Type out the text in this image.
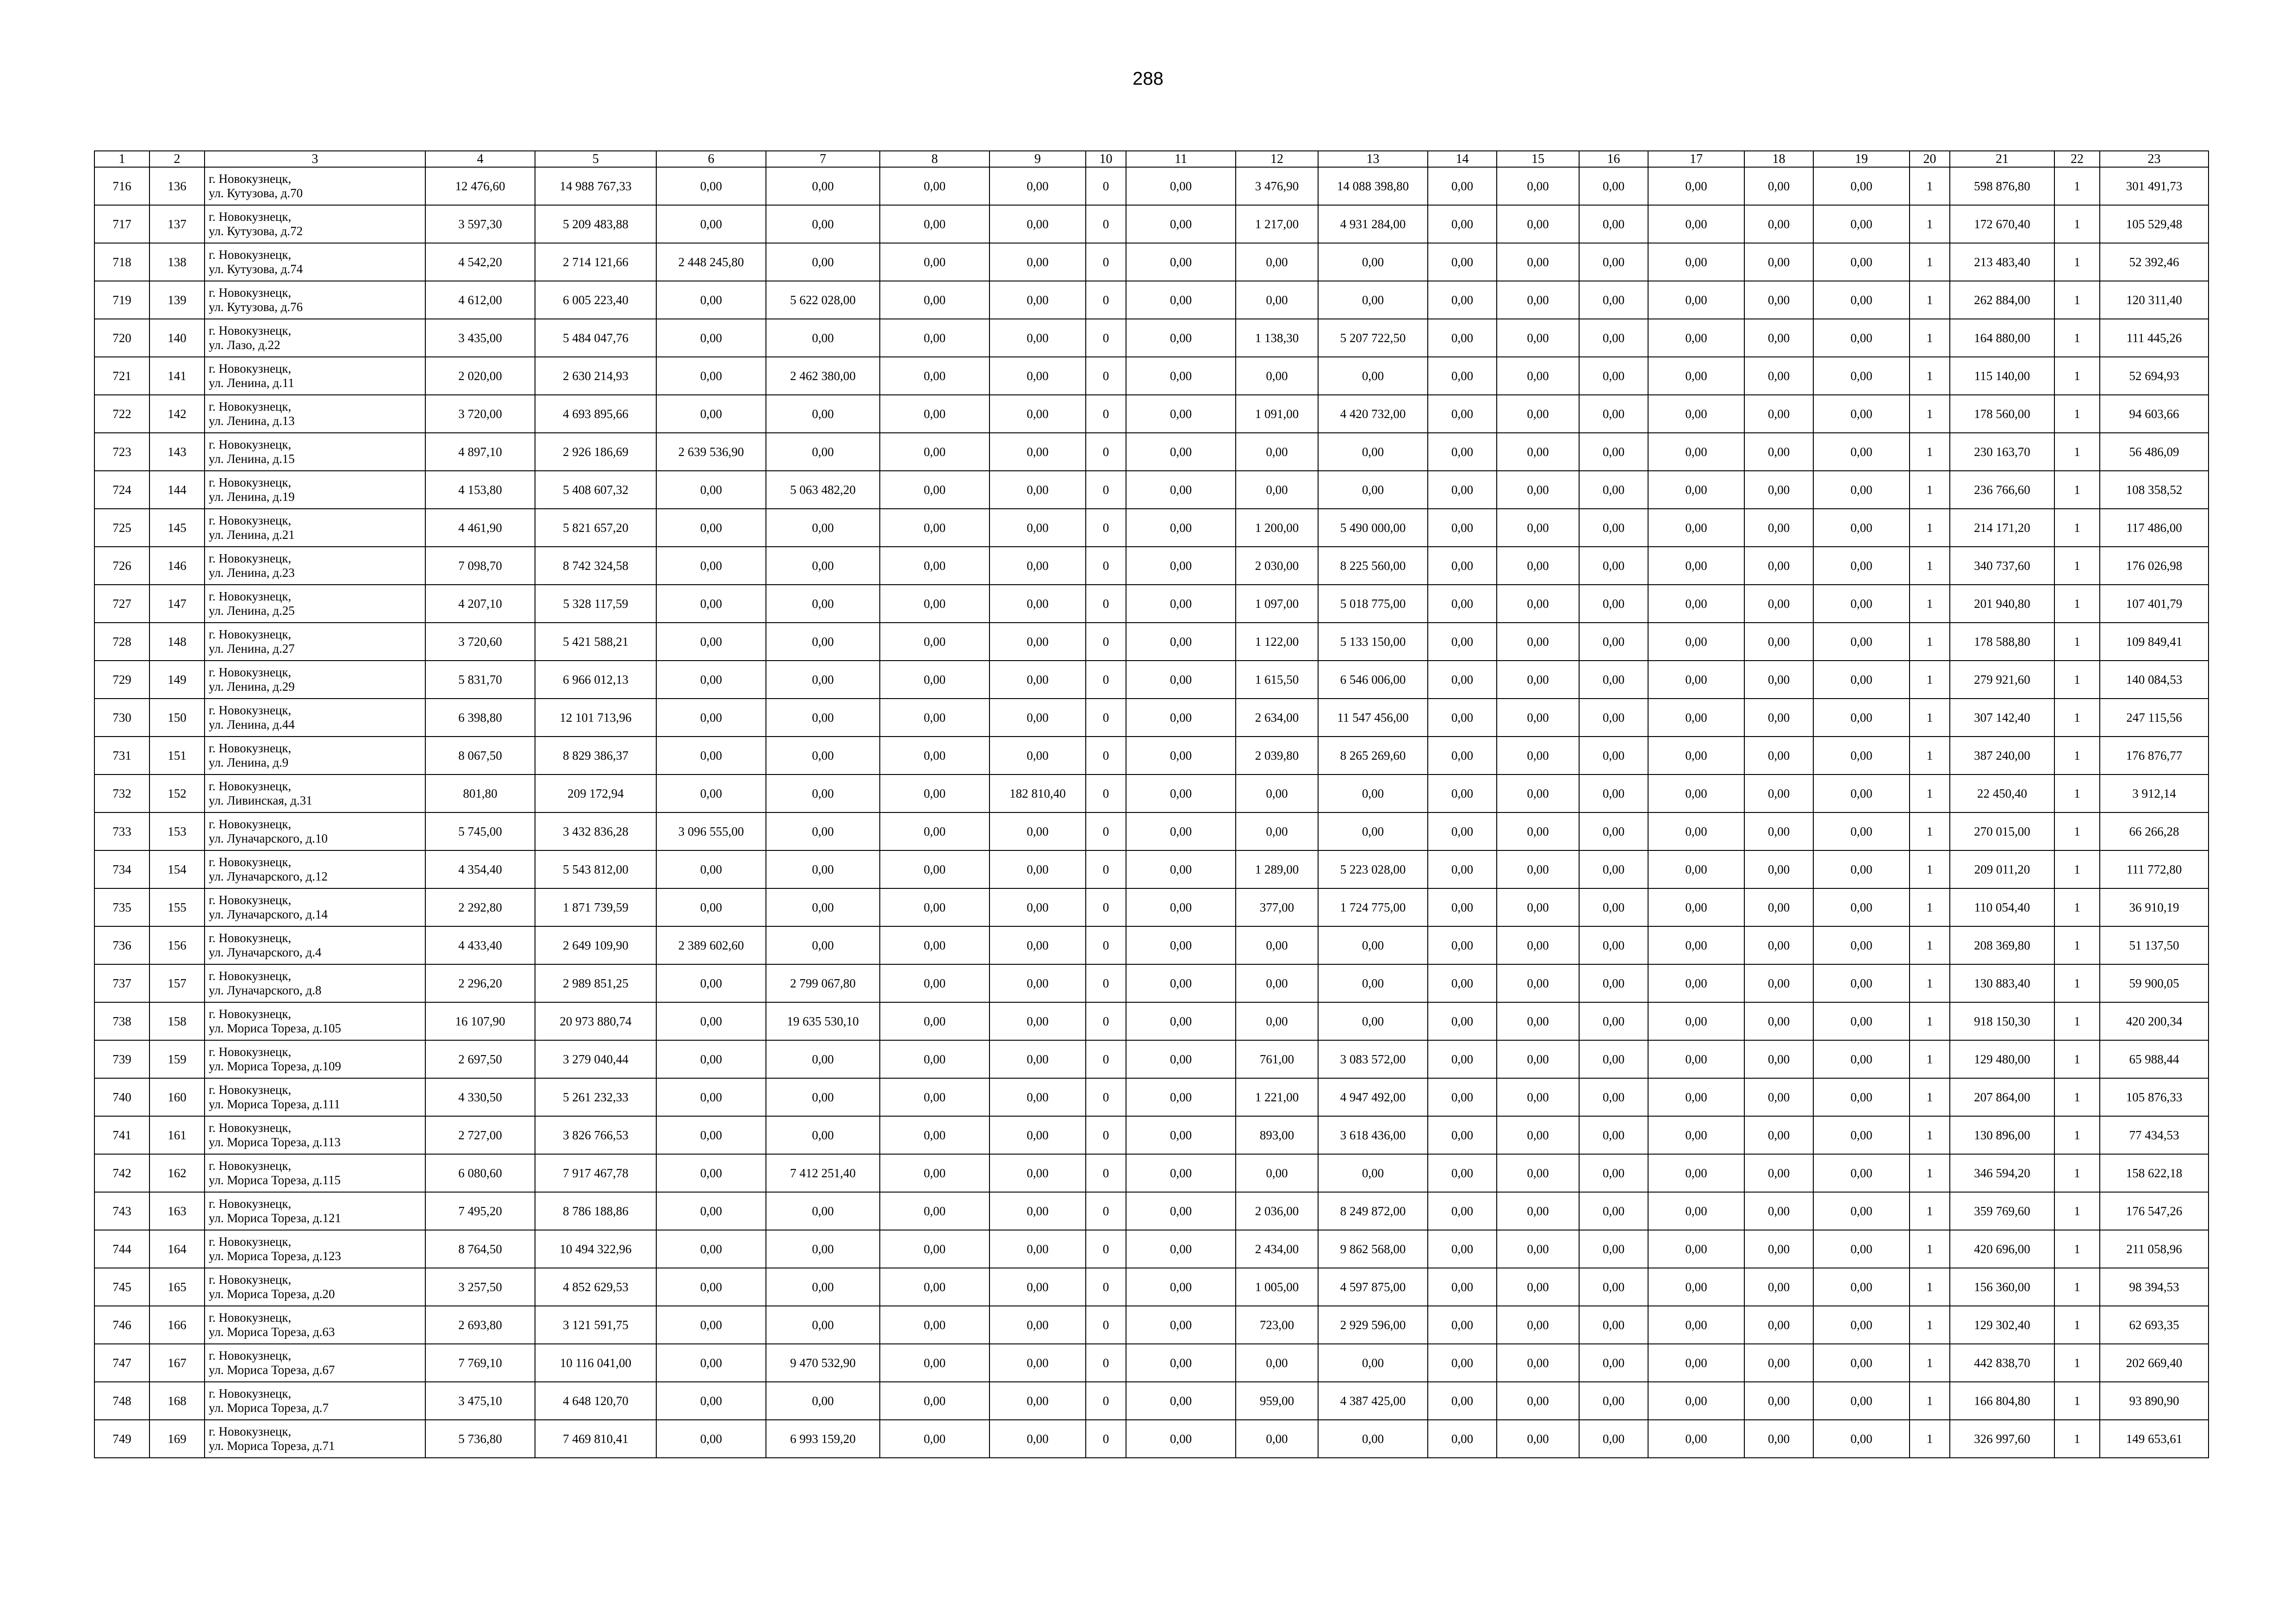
288
1	2	3	4	5	6	7	8	9	10	11	12	13	14	15	16	17	18	19	20	21	22	23
716	136	г. Новокузнецк,
ул. Кутузова, д.70	12 476,60	14 988 767,33	0,00	0,00	0,00	0,00	0	0,00	3 476,90	14 088 398,80	0,00	0,00	0,00	0,00	0,00	0,00	1	598 876,80	1	301 491,73
717	137	г. Новокузнецк,
ул. Кутузова, д.72	3 597,30	5 209 483,88	0,00	0,00	0,00	0,00	0	0,00	1 217,00	4 931 284,00	0,00	0,00	0,00	0,00	0,00	0,00	1	172 670,40	1	105 529,48
718	138	г. Новокузнецк,
ул. Кутузова, д.74	4 542,20	2 714 121,66	2 448 245,80	0,00	0,00	0,00	0	0,00	0,00	0,00	0,00	0,00	0,00	0,00	0,00	0,00	1	213 483,40	1	52 392,46
719	139	г. Новокузнецк,
ул. Кутузова, д.76	4 612,00	6 005 223,40	0,00	5 622 028,00	0,00	0,00	0	0,00	0,00	0,00	0,00	0,00	0,00	0,00	0,00	0,00	1	262 884,00	1	120 311,40
720	140	г. Новокузнецк,
ул. Лазо, д.22	3 435,00	5 484 047,76	0,00	0,00	0,00	0,00	0	0,00	1 138,30	5 207 722,50	0,00	0,00	0,00	0,00	0,00	0,00	1	164 880,00	1	111 445,26
721	141	г. Новокузнецк,
ул. Ленина, д.11	2 020,00	2 630 214,93	0,00	2 462 380,00	0,00	0,00	0	0,00	0,00	0,00	0,00	0,00	0,00	0,00	0,00	0,00	1	115 140,00	1	52 694,93
722	142	г. Новокузнецк,
ул. Ленина, д.13	3 720,00	4 693 895,66	0,00	0,00	0,00	0,00	0	0,00	1 091,00	4 420 732,00	0,00	0,00	0,00	0,00	0,00	0,00	1	178 560,00	1	94 603,66
723	143	г. Новокузнецк,
ул. Ленина, д.15	4 897,10	2 926 186,69	2 639 536,90	0,00	0,00	0,00	0	0,00	0,00	0,00	0,00	0,00	0,00	0,00	0,00	0,00	1	230 163,70	1	56 486,09
724	144	г. Новокузнецк,
ул. Ленина, д.19	4 153,80	5 408 607,32	0,00	5 063 482,20	0,00	0,00	0	0,00	0,00	0,00	0,00	0,00	0,00	0,00	0,00	0,00	1	236 766,60	1	108 358,52
725	145	г. Новокузнецк,
ул. Ленина, д.21	4 461,90	5 821 657,20	0,00	0,00	0,00	0,00	0	0,00	1 200,00	5 490 000,00	0,00	0,00	0,00	0,00	0,00	0,00	1	214 171,20	1	117 486,00
726	146	г. Новокузнецк,
ул. Ленина, д.23	7 098,70	8 742 324,58	0,00	0,00	0,00	0,00	0	0,00	2 030,00	8 225 560,00	0,00	0,00	0,00	0,00	0,00	0,00	1	340 737,60	1	176 026,98
727	147	г. Новокузнецк,
ул. Ленина, д.25	4 207,10	5 328 117,59	0,00	0,00	0,00	0,00	0	0,00	1 097,00	5 018 775,00	0,00	0,00	0,00	0,00	0,00	0,00	1	201 940,80	1	107 401,79
728	148	г. Новокузнецк,
ул. Ленина, д.27	3 720,60	5 421 588,21	0,00	0,00	0,00	0,00	0	0,00	1 122,00	5 133 150,00	0,00	0,00	0,00	0,00	0,00	0,00	1	178 588,80	1	109 849,41
729	149	г. Новокузнецк,
ул. Ленина, д.29	5 831,70	6 966 012,13	0,00	0,00	0,00	0,00	0	0,00	1 615,50	6 546 006,00	0,00	0,00	0,00	0,00	0,00	0,00	1	279 921,60	1	140 084,53
730	150	г. Новокузнецк,
ул. Ленина, д.44	6 398,80	12 101 713,96	0,00	0,00	0,00	0,00	0	0,00	2 634,00	11 547 456,00	0,00	0,00	0,00	0,00	0,00	0,00	1	307 142,40	1	247 115,56
731	151	г. Новокузнецк,
ул. Ленина, д.9	8 067,50	8 829 386,37	0,00	0,00	0,00	0,00	0	0,00	2 039,80	8 265 269,60	0,00	0,00	0,00	0,00	0,00	0,00	1	387 240,00	1	176 876,77
732	152	г. Новокузнецк,
ул. Ливинская, д.31	801,80	209 172,94	0,00	0,00	0,00	182 810,40	0	0,00	0,00	0,00	0,00	0,00	0,00	0,00	0,00	0,00	1	22 450,40	1	3 912,14
733	153	г. Новокузнецк,
ул. Луначарского, д.10	5 745,00	3 432 836,28	3 096 555,00	0,00	0,00	0,00	0	0,00	0,00	0,00	0,00	0,00	0,00	0,00	0,00	0,00	1	270 015,00	1	66 266,28
734	154	г. Новокузнецк,
ул. Луначарского, д.12	4 354,40	5 543 812,00	0,00	0,00	0,00	0,00	0	0,00	1 289,00	5 223 028,00	0,00	0,00	0,00	0,00	0,00	0,00	1	209 011,20	1	111 772,80
735	155	г. Новокузнецк,
ул. Луначарского, д.14	2 292,80	1 871 739,59	0,00	0,00	0,00	0,00	0	0,00	377,00	1 724 775,00	0,00	0,00	0,00	0,00	0,00	0,00	1	110 054,40	1	36 910,19
736	156	г. Новокузнецк,
ул. Луначарского, д.4	4 433,40	2 649 109,90	2 389 602,60	0,00	0,00	0,00	0	0,00	0,00	0,00	0,00	0,00	0,00	0,00	0,00	0,00	1	208 369,80	1	51 137,50
737	157	г. Новокузнецк,
ул. Луначарского, д.8	2 296,20	2 989 851,25	0,00	2 799 067,80	0,00	0,00	0	0,00	0,00	0,00	0,00	0,00	0,00	0,00	0,00	0,00	1	130 883,40	1	59 900,05
738	158	г. Новокузнецк,
ул. Мориса Тореза, д.105	16 107,90	20 973 880,74	0,00	19 635 530,10	0,00	0,00	0	0,00	0,00	0,00	0,00	0,00	0,00	0,00	0,00	0,00	1	918 150,30	1	420 200,34
739	159	г. Новокузнецк,
ул. Мориса Тореза, д.109	2 697,50	3 279 040,44	0,00	0,00	0,00	0,00	0	0,00	761,00	3 083 572,00	0,00	0,00	0,00	0,00	0,00	0,00	1	129 480,00	1	65 988,44
740	160	г. Новокузнецк,
ул. Мориса Тореза, д.111	4 330,50	5 261 232,33	0,00	0,00	0,00	0,00	0	0,00	1 221,00	4 947 492,00	0,00	0,00	0,00	0,00	0,00	0,00	1	207 864,00	1	105 876,33
741	161	г. Новокузнецк,
ул. Мориса Тореза, д.113	2 727,00	3 826 766,53	0,00	0,00	0,00	0,00	0	0,00	893,00	3 618 436,00	0,00	0,00	0,00	0,00	0,00	0,00	1	130 896,00	1	77 434,53
742	162	г. Новокузнецк,
ул. Мориса Тореза, д.115	6 080,60	7 917 467,78	0,00	7 412 251,40	0,00	0,00	0	0,00	0,00	0,00	0,00	0,00	0,00	0,00	0,00	0,00	1	346 594,20	1	158 622,18
743	163	г. Новокузнецк,
ул. Мориса Тореза, д.121	7 495,20	8 786 188,86	0,00	0,00	0,00	0,00	0	0,00	2 036,00	8 249 872,00	0,00	0,00	0,00	0,00	0,00	0,00	1	359 769,60	1	176 547,26
744	164	г. Новокузнецк,
ул. Мориса Тореза, д.123	8 764,50	10 494 322,96	0,00	0,00	0,00	0,00	0	0,00	2 434,00	9 862 568,00	0,00	0,00	0,00	0,00	0,00	0,00	1	420 696,00	1	211 058,96
745	165	г. Новокузнецк,
ул. Мориса Тореза, д.20	3 257,50	4 852 629,53	0,00	0,00	0,00	0,00	0	0,00	1 005,00	4 597 875,00	0,00	0,00	0,00	0,00	0,00	0,00	1	156 360,00	1	98 394,53
746	166	г. Новокузнецк,
ул. Мориса Тореза, д.63	2 693,80	3 121 591,75	0,00	0,00	0,00	0,00	0	0,00	723,00	2 929 596,00	0,00	0,00	0,00	0,00	0,00	0,00	1	129 302,40	1	62 693,35
747	167	г. Новокузнецк,
ул. Мориса Тореза, д.67	7 769,10	10 116 041,00	0,00	9 470 532,90	0,00	0,00	0	0,00	0,00	0,00	0,00	0,00	0,00	0,00	0,00	0,00	1	442 838,70	1	202 669,40
748	168	г. Новокузнецк,
ул. Мориса Тореза, д.7	3 475,10	4 648 120,70	0,00	0,00	0,00	0,00	0	0,00	959,00	4 387 425,00	0,00	0,00	0,00	0,00	0,00	0,00	1	166 804,80	1	93 890,90
749	169	г. Новокузнецк,
ул. Мориса Тореза, д.71	5 736,80	7 469 810,41	0,00	6 993 159,20	0,00	0,00	0	0,00	0,00	0,00	0,00	0,00	0,00	0,00	0,00	0,00	1	326 997,60	1	149 653,61
